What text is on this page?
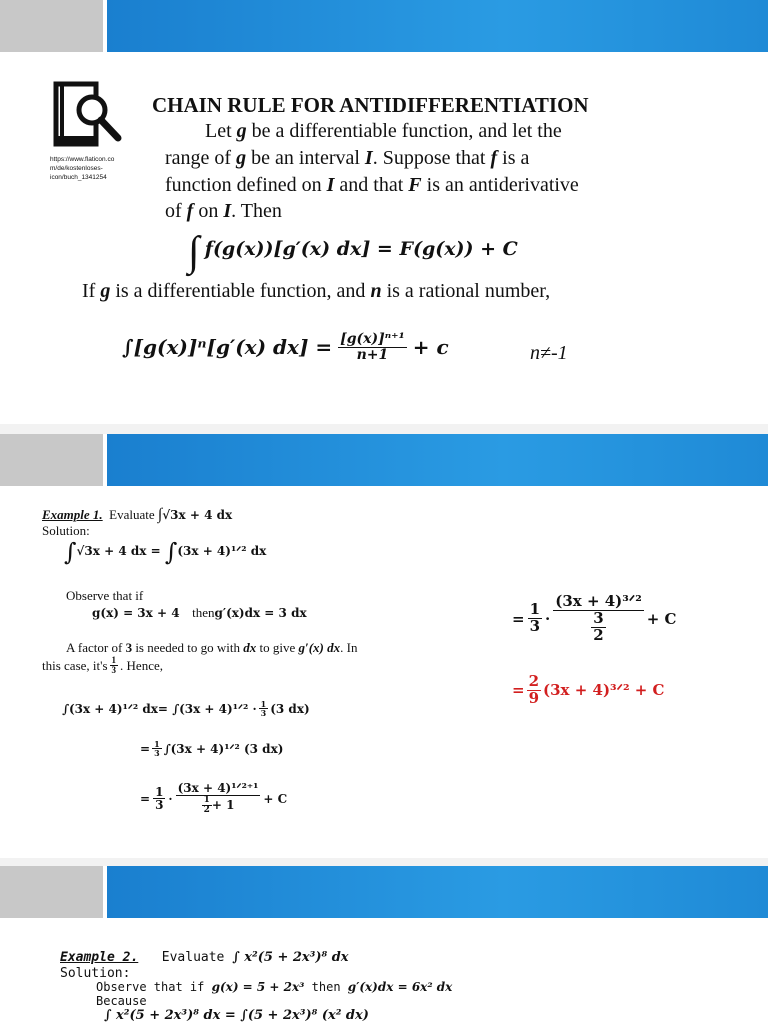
https://www.flaticon.co
m/de/kostenloses-
icon/buch_1341254
CHAIN RULE FOR ANTIDIFFERENTIATION
Let g be a differentiable function, and let the
range of g be an interval I. Suppose that f is a
function defined on I and that F is an antiderivative
of f on I. Then
∫ f(g(x))[g′(x) dx] = F(g(x)) + C
If g is a differentiable function, and n is a rational number,
∫[g(x)]ⁿ[g′(x) $dx] = \frac{\text{[g(x)]ⁿ⁺¹}}{n+1} + c$	n≠-1
Example 1. Evaluate ∫√3x + 4 dx
Solution:
∫√3x + 4 dx = ∫(3x + 4)¹ᐟ² dx
Observe that if
g(x) = 3x + 4 theng′(x)dx = 3 dx
A factor of 3 is needed to go with dx to give g′(x) dx. In
this case, $it's \frac{1}{3}$ . Hence,
∫(3x + 4)¹ᐟ² dx=
∫(3x + 4)¹ᐟ² · $\frac{1}{3} (3$ dx)
= $\frac{1}{3} \int(3x$ + 4)¹ᐟ² (3 dx)
= $\frac{1}{3} \cdot \frac{\text{(3x + 4)¹ᐟ²⁺¹}}{\frac{1}{2} + 1} + C$
= $\frac{1}{3} \cdot \frac{\text{(3x + 4)³ᐟ²}}{\frac{3}{2}} + C$
= $\frac{2}{9} (3x$ + 4)³ᐟ² + C
Example 2. Evaluate ∫ x²(5 + 2x³)⁸ dx
Solution:
Observe that if g(x) = 5 + 2x³ then g′(x)dx = 6x² dx
Because
∫ x²(5 + 2x³)⁸ dx = ∫(5 + 2x³)⁸ (x² dx)
